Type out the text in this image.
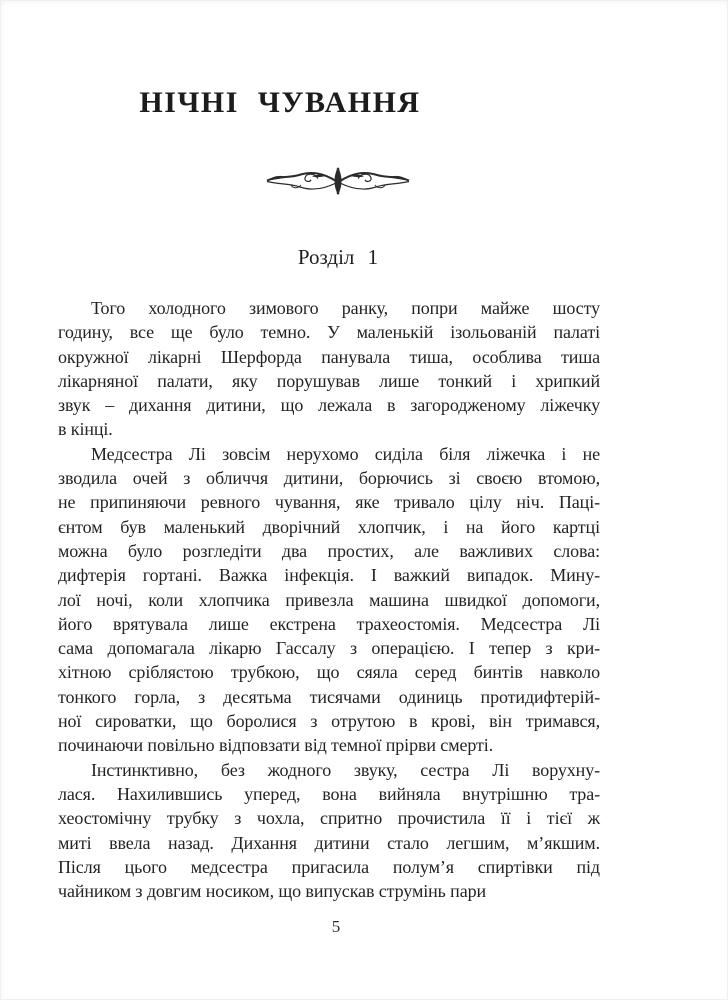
НІЧНІ ЧУВАННЯ
Розділ 1
Того холодного зимового ранку, попри майже шосту
годину, все ще було темно. У маленькій ізольованій палаті
окружної лікарні Шерфорда панувала тиша, особлива тиша
лікарняної палати, яку порушував лише тонкий і хрипкий
звук – дихання дитини, що лежала в загородженому ліжечку
в кінці.
Медсестра Лі зовсім нерухомо сиділа біля ліжечка і не
зводила очей з обличчя дитини, борючись зі своєю втомою,
не припиняючи ревного чування, яке тривало цілу ніч. Паці-
єнтом був маленький дворічний хлопчик, і на його картці
можна було розгледіти два простих, але важливих слова:
дифтерія гортані. Важка інфекція. І важкий випадок. Мину-
лої ночі, коли хлопчика привезла машина швидкої допомоги,
його врятувала лише екстрена трахеостомія. Медсестра Лі
сама допомагала лікарю Гассалу з операцією. І тепер з кри-
хітною сріблястою трубкою, що сяяла серед бинтів навколо
тонкого горла, з десятьма тисячами одиниць протидифтерій-
ної сироватки, що боролися з отрутою в крові, він тримався,
починаючи повільно відповзати від темної прірви смерті.
Інстинктивно, без жодного звуку, сестра Лі ворухну-
лася. Нахилившись уперед, вона вийняла внутрішню тра-
хеостомічну трубку з чохла, спритно прочистила її і тієї ж
миті ввела назад. Дихання дитини стало легшим, м’якшим.
Після цього медсестра пригасила полум’я спиртівки під
чайником з довгим носиком, що випускав струмінь пари
5
